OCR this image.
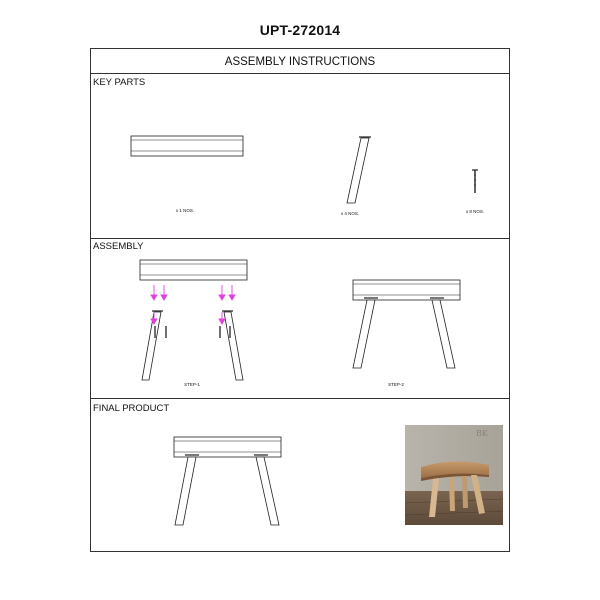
UPT-272014
ASSEMBLY INSTRUCTIONS
KEY PARTS
ASSEMBLY
FINAL PRODUCT
x 1 NOS.
x 4 NOS.	x 8 NOS.
STEP-1	STEP-2
BK
